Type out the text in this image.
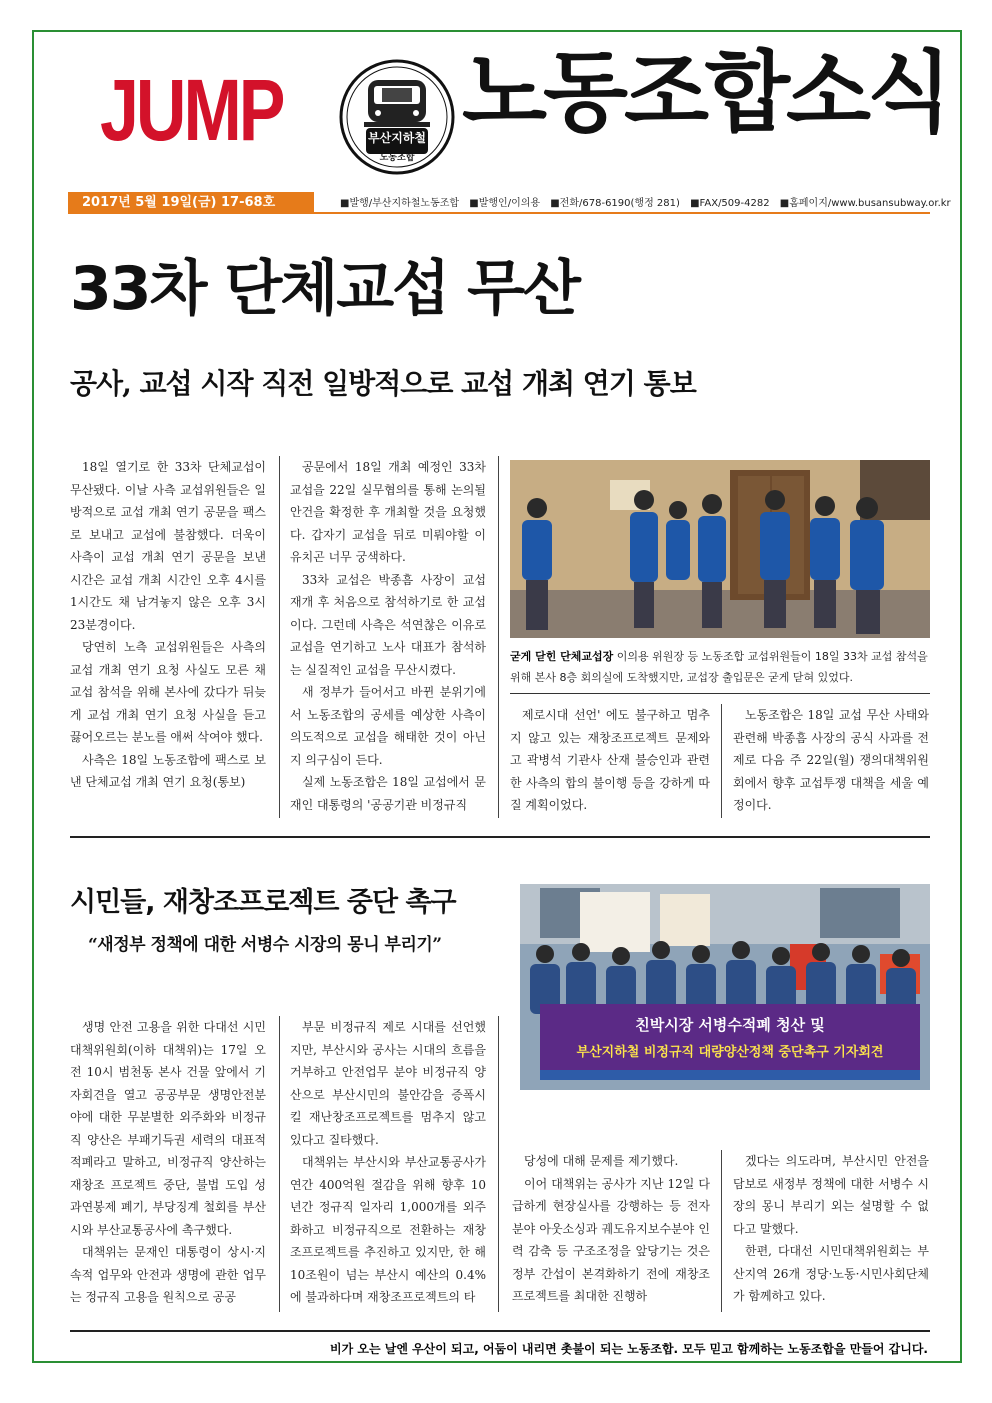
JUMP	부산지하철
노동조합
노동조합소식
2017년 5월 19일(금) 17-68호	■발행/부산지하철노동조합 ■발행인/이의용 ■전화/678-6190(행정 281) ■FAX/509-4282 ■홈페이지/www.busansubway.or.kr
33차 단체교섭 무산
공사, 교섭 시작 직전 일방적으로 교섭 개최 연기 통보

18일 열기로 한 33차 단체교섭이 무산됐다. 이날 사측 교섭위원들은 일방적으로 교섭 개최 연기 공문을 팩스로 보내고 교섭에 불참했다. 더욱이 사측이 교섭 개최 연기 공문을 보낸 시간은 교섭 개최 시간인 오후 4시를 1시간도 채 남겨놓지 않은 오후 3시 23분경이다.

당연히 노측 교섭위원들은 사측의 교섭 개최 연기 요청 사실도 모른 채 교섭 참석을 위해 본사에 갔다가 뒤늦게 교섭 개최 연기 요청 사실을 듣고 끓어오르는 분노를 애써 삭여야 했다.

사측은 18일 노동조합에 팩스로 보낸 단체교섭 개최 연기 요청(통보)

공문에서 18일 개최 예정인 33차 교섭을 22일 실무협의를 통해 논의될 안건을 확정한 후 개최할 것을 요청했다. 갑자기 교섭을 뒤로 미뤄야할 이유치곤 너무 궁색하다.

33차 교섭은 박종흠 사장이 교섭 재개 후 처음으로 참석하기로 한 교섭이다. 그런데 사측은 석연찮은 이유로 교섭을 연기하고 노사 대표가 참석하는 실질적인 교섭을 무산시켰다.

새 정부가 들어서고 바뀐 분위기에서 노동조합의 공세를 예상한 사측이 의도적으로 교섭을 해태한 것이 아닌지 의구심이 든다.

실제 노동조합은 18일 교섭에서 문재인 대통령의 '공공기관 비정규직

굳게 닫힌 단체교섭장 이의용 위원장 등 노동조합 교섭위원들이 18일 33차 교섭 참석을 위해 본사 8층 회의실에 도착했지만, 교섭장 출입문은 굳게 닫혀 있었다.

제로시대 선언' 에도 불구하고 멈추지 않고 있는 재창조프로젝트 문제와 고 곽병석 기관사 산재 불승인과 관련한 사측의 합의 불이행 등을 강하게 따질 계획이었다.

노동조합은 18일 교섭 무산 사태와 관련해 박종흠 사장의 공식 사과를 전제로 다음 주 22일(월) 쟁의대책위원회에서 향후 교섭투쟁 대책을 세울 예정이다.

시민들, 재창조프로젝트 중단 촉구
“새정부 정책에 대한 서병수 시장의 몽니 부리기”
친박시장 서병수적폐 청산 및
부산지하철 비정규직 대량양산정책 중단촉구 기자회견

생명 안전 고용을 위한 다대선 시민대책위원회(이하 대책위)는 17일 오전 10시 범천동 본사 건물 앞에서 기자회견을 열고 공공부문 생명안전분야에 대한 무분별한 외주화와 비정규직 양산은 부패기득권 세력의 대표적 적폐라고 말하고, 비정규직 양산하는 재창조 프로젝트 중단, 불법 도입 성과연봉제 폐기, 부당징계 철회를 부산시와 부산교통공사에 촉구했다.

대책위는 문재인 대통령이 상시·지속적 업무와 안전과 생명에 관한 업무는 정규직 고용을 원칙으로 공공

부문 비정규직 제로 시대를 선언했지만, 부산시와 공사는 시대의 흐름을 거부하고 안전업무 분야 비정규직 양산으로 부산시민의 불안감을 증폭시킬 재난창조프로젝트를 멈추지 않고 있다고 질타했다.

대책위는 부산시와 부산교통공사가 연간 400억원 절감을 위해 향후 10년간 정규직 일자리 1,000개를 외주화하고 비정규직으로 전환하는 재창조프로젝트를 추진하고 있지만, 한 해 10조원이 넘는 부산시 예산의 0.4%에 불과하다며 재창조프로젝트의 타

당성에 대해 문제를 제기했다.

이어 대책위는 공사가 지난 12일 다급하게 현장실사를 강행하는 등 전자 분야 아웃소싱과 궤도유지보수분야 인력 감축 등 구조조정을 앞당기는 것은 정부 간섭이 본격화하기 전에 재창조프로젝트를 최대한 진행하

겠다는 의도라며, 부산시민 안전을 담보로 새정부 정책에 대한 서병수 시장의 몽니 부리기 외는 설명할 수 없다고 말했다.

한편, 다대선 시민대책위원회는 부산지역 26개 정당·노동·시민사회단체가 함께하고 있다.

비가 오는 날엔 우산이 되고, 어둠이 내리면 촛불이 되는 노동조합. 모두 믿고 함께하는 노동조합을 만들어 갑니다.
